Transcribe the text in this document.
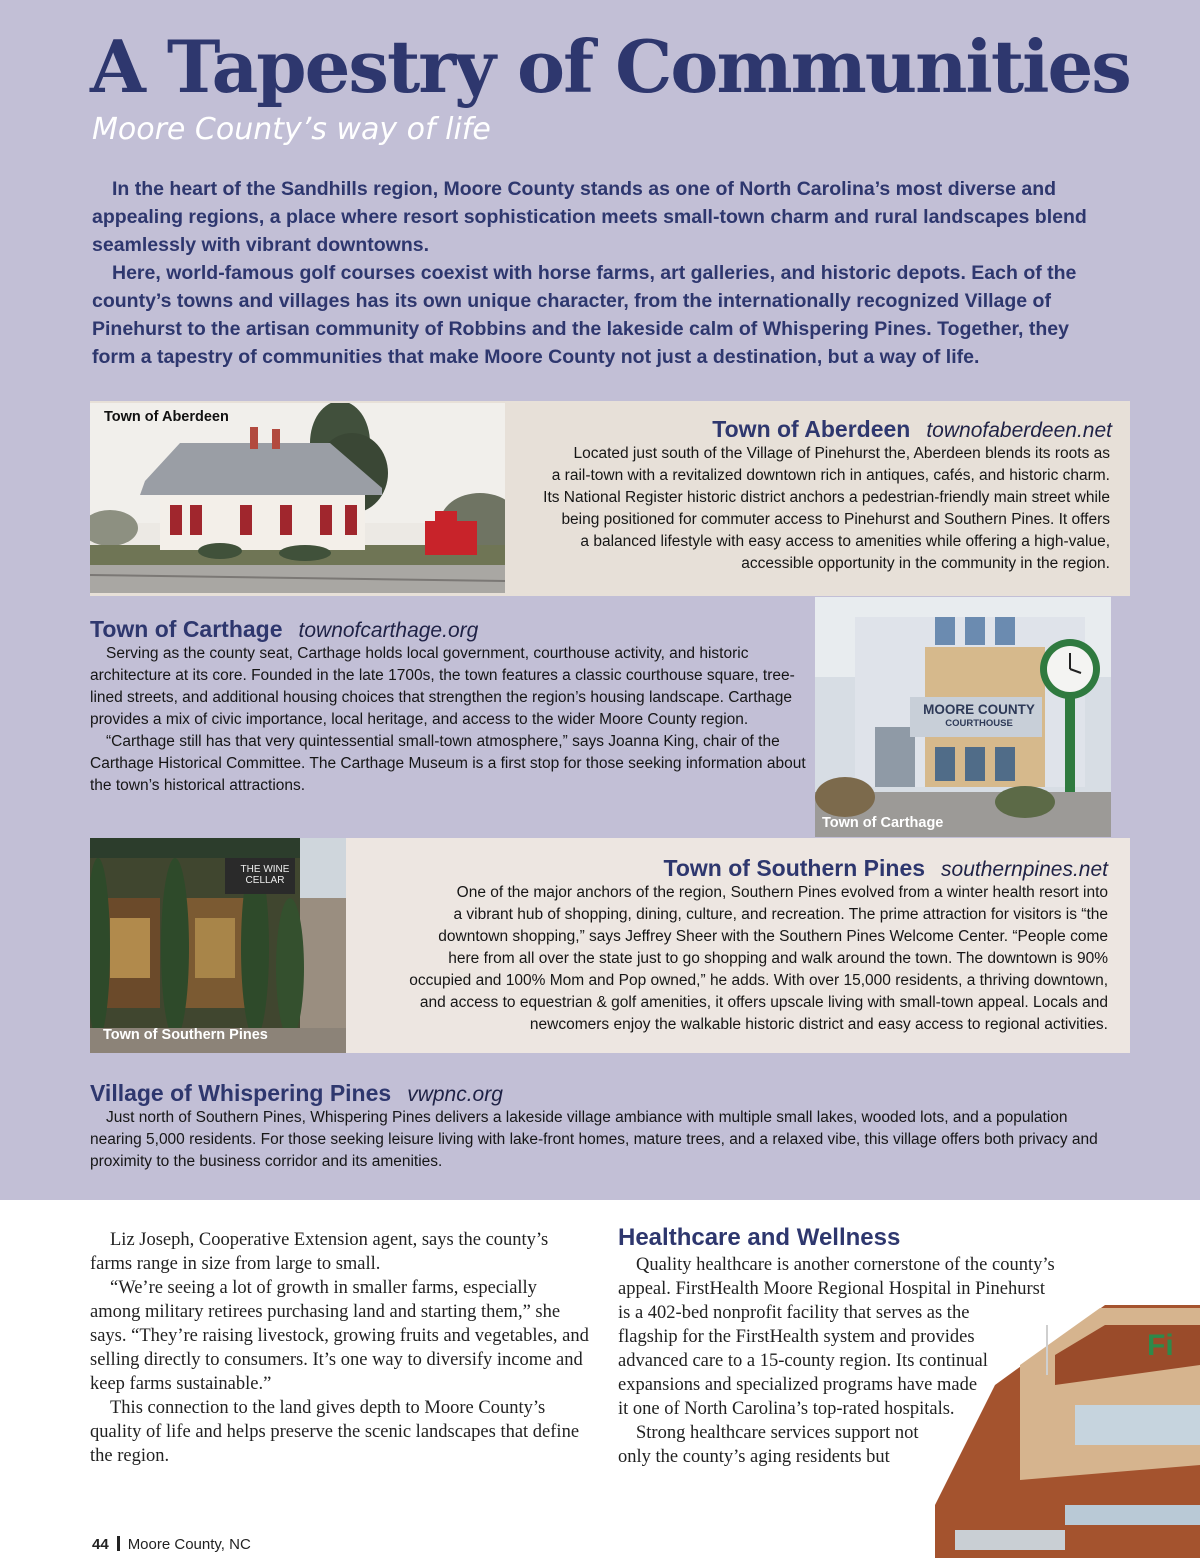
A Tapestry of Communities
Moore County’s way of life

In the heart of the Sandhills region, Moore County stands as one of North Carolina’s most diverse and appealing regions, a place where resort sophistication meets small-town charm and rural landscapes blend seamlessly with vibrant downtowns.

Here, world-famous golf courses coexist with horse farms, art galleries, and historic depots. Each of the county’s towns and villages has its own unique character, from the internationally recognized Village of Pinehurst to the artisan community of Robbins and the lakeside calm of Whispering Pines. Together, they form a tapestry of communities that make Moore County not just a destination, but a way of life.

Town of Aberdeen	Town of Aberdeen townofaberdeen.net
Located just south of the Village of Pinehurst the, Aberdeen blends its roots as
a rail-town with a revitalized downtown rich in antiques, cafés, and historic charm.
Its National Register historic district anchors a pedestrian-friendly main street while
being positioned for commuter access to Pinehurst and Southern Pines. It offers
a balanced lifestyle with easy access to amenities while offering a high-value,
accessible opportunity in the community in the region.
Town of Carthage townofcarthage.org

Serving as the county seat, Carthage holds local government, courthouse activity, and historic architecture at its core. Founded in the late 1700s, the town features a classic courthouse square, tree-lined streets, and additional housing choices that strengthen the region’s housing landscape. Carthage provides a mix of civic importance, local heritage, and access to the wider Moore County region.

“Carthage still has that very quintessential small-town atmosphere,” says Joanna King, chair of the Carthage Historical Committee. The Carthage Museum is a first stop for those seeking information about the town’s historical attractions.

MOORE COUNTY
COURTHOUSE
Town of Carthage
THE WINE
CELLAR
Town of Southern Pines
Town of Southern Pines southernpines.net
One of the major anchors of the region, Southern Pines evolved from a winter health resort into
a vibrant hub of shopping, dining, culture, and recreation. The prime attraction for visitors is “the
downtown shopping,” says Jeffrey Sheer with the Southern Pines Welcome Center. “People come
here from all over the state just to go shopping and walk around the town. The downtown is 90%
occupied and 100% Mom and Pop owned,” he adds. With over 15,000 residents, a thriving downtown,
and access to equestrian & golf amenities, it offers upscale living with small-town appeal. Locals and
newcomers enjoy the walkable historic district and easy access to regional activities.
Village of Whispering Pines vwpnc.org

Just north of Southern Pines, Whispering Pines delivers a lakeside village ambiance with multiple small lakes, wooded lots, and a population nearing 5,000 residents. For those seeking leisure living with lake-front homes, mature trees, and a relaxed vibe, this village offers both privacy and proximity to the business corridor and its amenities.

Liz Joseph, Cooperative Extension agent, says the county’s farms range in size from large to small.

“We’re seeing a lot of growth in smaller farms, especially among military retirees purchasing land and starting them,” she says. “They’re raising livestock, growing fruits and vegetables, and selling directly to consumers. It’s one way to diversify income and keep farms sustainable.”

This connection to the land gives depth to Moore County’s quality of life and helps preserve the scenic landscapes that define the region.

Healthcare and Wellness
Quality healthcare is another cornerstone of the county’s
appeal. FirstHealth Moore Regional Hospital in Pinehurst
is a 402-bed nonprofit facility that serves as the
flagship for the FirstHealth system and provides
advanced care to a 15-county region. Its continual
expansions and specialized programs have made
it one of North Carolina’s top-rated hospitals.
Strong healthcare services support not
only the county’s aging residents but
Fi
44 Moore County, NC
